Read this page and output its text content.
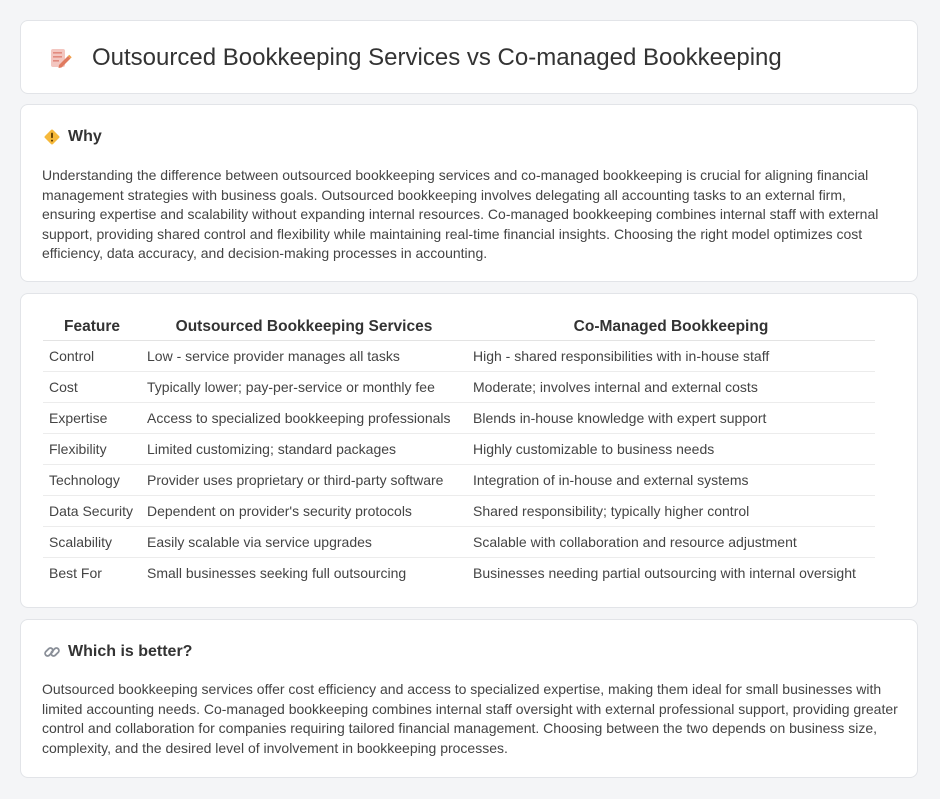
Outsourced Bookkeeping Services vs Co-managed Bookkeeping
Why

Understanding the difference between outsourced bookkeeping services and co-managed bookkeeping is crucial for aligning financial management strategies with business goals. Outsourced bookkeeping involves delegating all accounting tasks to an external firm, ensuring expertise and scalability without expanding internal resources. Co-managed bookkeeping combines internal staff with external support, providing shared control and flexibility while maintaining real-time financial insights. Choosing the right model optimizes cost efficiency, data accuracy, and decision-making processes in accounting.

Feature	Outsourced Bookkeeping Services	Co-Managed Bookkeeping
Control	Low - service provider manages all tasks	High - shared responsibilities with in-house staff
Cost	Typically lower; pay-per-service or monthly fee	Moderate; involves internal and external costs
Expertise	Access to specialized bookkeeping professionals	Blends in-house knowledge with expert support
Flexibility	Limited customizing; standard packages	Highly customizable to business needs
Technology	Provider uses proprietary or third-party software	Integration of in-house and external systems
Data Security	Dependent on provider's security protocols	Shared responsibility; typically higher control
Scalability	Easily scalable via service upgrades	Scalable with collaboration and resource adjustment
Best For	Small businesses seeking full outsourcing	Businesses needing partial outsourcing with internal oversight
Which is better?

Outsourced bookkeeping services offer cost efficiency and access to specialized expertise, making them ideal for small businesses with limited accounting needs. Co-managed bookkeeping combines internal staff oversight with external professional support, providing greater control and collaboration for companies requiring tailored financial management. Choosing between the two depends on business size, complexity, and the desired level of involvement in bookkeeping processes.
